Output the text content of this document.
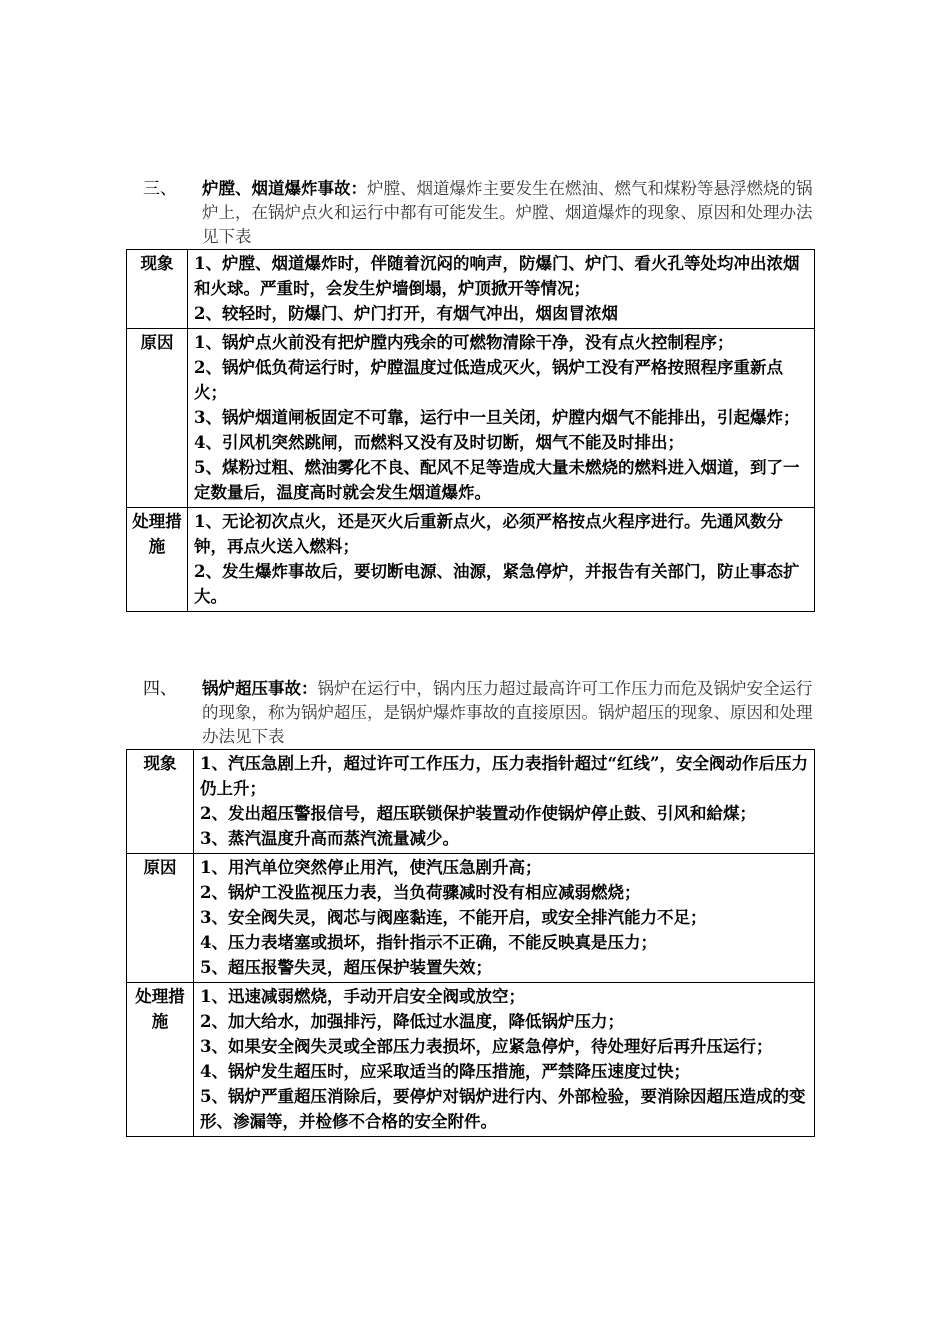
三、 炉膛、烟道爆炸事故：炉膛、烟道爆炸主要发生在燃油、燃气和煤粉等悬浮燃烧的锅炉上，在锅炉点火和运行中都有可能发生。炉膛、烟道爆炸的现象、原因和处理办法见下表
现象	1、炉膛、烟道爆炸时，伴随着沉闷的响声，防爆门、炉门、看火孔等处均冲出浓烟和火球。严重时，会发生炉墙倒塌，炉顶掀开等情况；
2、较轻时，防爆门、炉门打开，有烟气冲出，烟囱冒浓烟

原因	1、锅炉点火前没有把炉膛内残余的可燃物清除干净，没有点火控制程序；
2、锅炉低负荷运行时，炉膛温度过低造成灭火，锅炉工没有严格按照程序重新点火；
3、锅炉烟道闸板固定不可靠，运行中一旦关闭，炉膛内烟气不能排出，引起爆炸；
4、引风机突然跳闸，而燃料又没有及时切断，烟气不能及时排出；
5、煤粉过粗、燃油雾化不良、配风不足等造成大量未燃烧的燃料进入烟道，到了一定数量后，温度高时就会发生烟道爆炸。

处理措施	1、无论初次点火，还是灭火后重新点火，必须严格按点火程序进行。先通风数分钟，再点火送入燃料；
2、发生爆炸事故后，要切断电源、油源，紧急停炉，并报告有关部门，防止事态扩大。
四、 锅炉超压事故：锅炉在运行中，锅内压力超过最高许可工作压力而危及锅炉安全运行的现象，称为锅炉超压，是锅炉爆炸事故的直接原因。锅炉超压的现象、原因和处理办法见下表
现象	1、汽压急剧上升，超过许可工作压力，压力表指针超过“红线”，安全阀动作后压力仍上升；
2、发出超压警报信号，超压联锁保护装置动作使锅炉停止鼓、引风和給煤；
3、蒸汽温度升高而蒸汽流量减少。

原因	1、用汽单位突然停止用汽，使汽压急剧升高；
2、锅炉工没监视压力表，当负荷骤减时没有相应减弱燃烧；
3、安全阀失灵，阀芯与阀座黏连，不能开启，或安全排汽能力不足；
4、压力表堵塞或损坏，指针指示不正确，不能反映真是压力；
5、超压报警失灵，超压保护装置失效；

处理措施	1、迅速减弱燃烧，手动开启安全阀或放空；
2、加大给水，加强排污，降低过水温度，降低锅炉压力；
3、如果安全阀失灵或全部压力表损坏，应紧急停炉，待处理好后再升压运行；
4、锅炉发生超压时，应采取适当的降压措施，严禁降压速度过快；
5、锅炉严重超压消除后，要停炉对锅炉进行内、外部检验，要消除因超压造成的变形、渗漏等，并检修不合格的安全附件。
